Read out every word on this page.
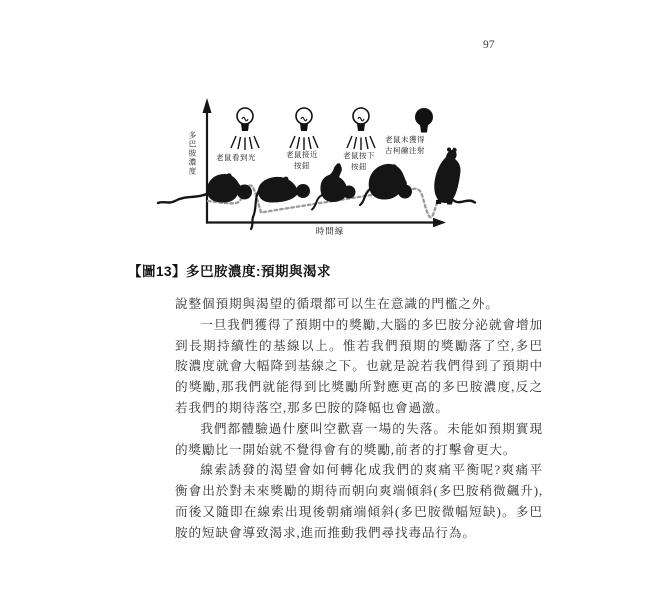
97
多巴胺濃度
時間線
老鼠看到光	老鼠接近
按鈕
老鼠按下
按鈕
老鼠未獲得
古柯鹼注射
【圖13】多巴胺濃度:預期與渴求

說整個預期與渴望的循環都可以生在意識的門檻之外。

一旦我們獲得了預期中的獎勵,大腦的多巴胺分泌就會增加到長期持續性的基線以上。惟若我們預期的獎勵落了空,多巴胺濃度就會大幅降到基線之下。也就是說若我們得到了預期中的獎勵,那我們就能得到比獎勵所對應更高的多巴胺濃度,反之若我們的期待落空,那多巴胺的降幅也會過激。

我們都體驗過什麼叫空歡喜一場的失落。未能如預期實現的獎勵比一開始就不覺得會有的獎勵,前者的打擊會更大。

線索誘發的渴望會如何轉化成我們的爽痛平衡呢?爽痛平衡會出於對未來獎勵的期待而朝向爽端傾斜(多巴胺稍微飆升),而後又隨即在線索出現後朝痛端傾斜(多巴胺微幅短缺)。多巴胺的短缺會導致渴求,進而推動我們尋找毒品行為。
